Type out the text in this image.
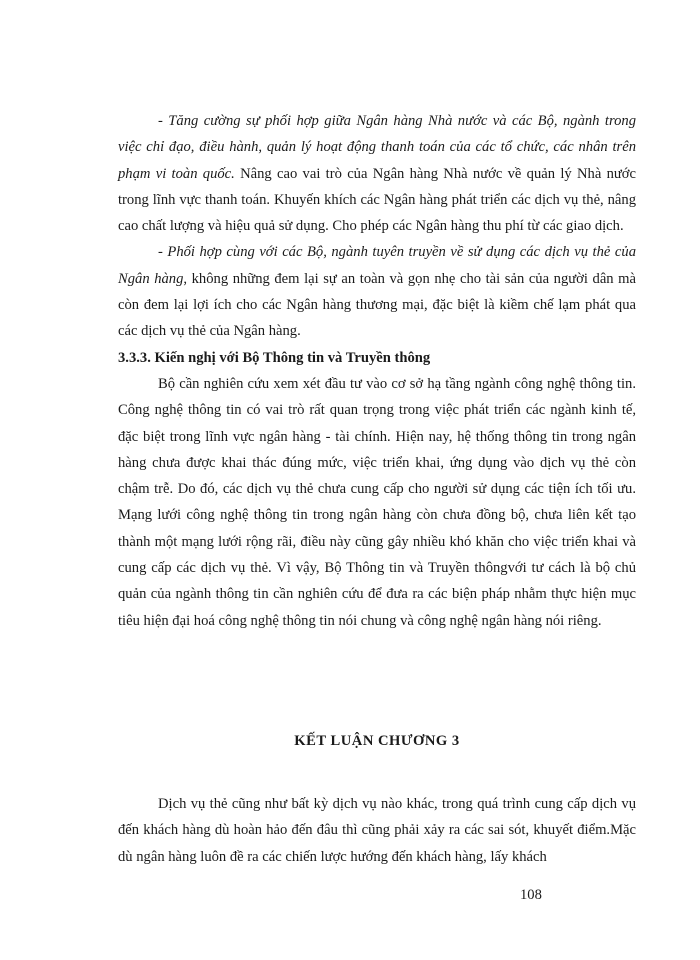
- Tăng cường sự phối hợp giữa Ngân hàng Nhà nước và các Bộ, ngành trong việc chỉ đạo, điều hành, quản lý hoạt động thanh toán của các tổ chức, các nhân trên phạm vi toàn quốc. Nâng cao vai trò của Ngân hàng Nhà nước về quản lý Nhà nước trong lĩnh vực thanh toán. Khuyến khích các Ngân hàng phát triển các dịch vụ thẻ, nâng cao chất lượng và hiệu quả sử dụng. Cho phép các Ngân hàng thu phí từ các giao dịch.

- Phối hợp cùng với các Bộ, ngành tuyên truyền về sử dụng các dịch vụ thẻ của Ngân hàng, không những đem lại sự an toàn và gọn nhẹ cho tài sản của người dân mà còn đem lại lợi ích cho các Ngân hàng thương mại, đặc biệt là kiềm chế lạm phát qua các dịch vụ thẻ của Ngân hàng.

3.3.3. Kiến nghị với Bộ Thông tin và Truyền thông

Bộ cần nghiên cứu xem xét đầu tư vào cơ sở hạ tầng ngành công nghệ thông tin. Công nghệ thông tin có vai trò rất quan trọng trong việc phát triển các ngành kinh tế, đặc biệt trong lĩnh vực ngân hàng - tài chính. Hiện nay, hệ thống thông tin trong ngân hàng chưa được khai thác đúng mức, việc triển khai, ứng dụng vào dịch vụ thẻ còn chậm trễ. Do đó, các dịch vụ thẻ chưa cung cấp cho người sử dụng các tiện ích tối ưu. Mạng lưới công nghệ thông tin trong ngân hàng còn chưa đồng bộ, chưa liên kết tạo thành một mạng lưới rộng rãi, điều này cũng gây nhiều khó khăn cho việc triển khai và cung cấp các dịch vụ thẻ. Vì vậy, Bộ Thông tin và Truyền thôngvới tư cách là bộ chủ quản của ngành thông tin cần nghiên cứu để đưa ra các biện pháp nhằm thực hiện mục tiêu hiện đại hoá công nghệ thông tin nói chung và công nghệ ngân hàng nói riêng.

KẾT LUẬN CHƯƠNG 3

Dịch vụ thẻ cũng như bất kỳ dịch vụ nào khác, trong quá trình cung cấp dịch vụ đến khách hàng dù hoàn hảo đến đâu thì cũng phải xảy ra các sai sót, khuyết điểm.Mặc dù ngân hàng luôn đề ra các chiến lược hướng đến khách hàng, lấy khách

108
